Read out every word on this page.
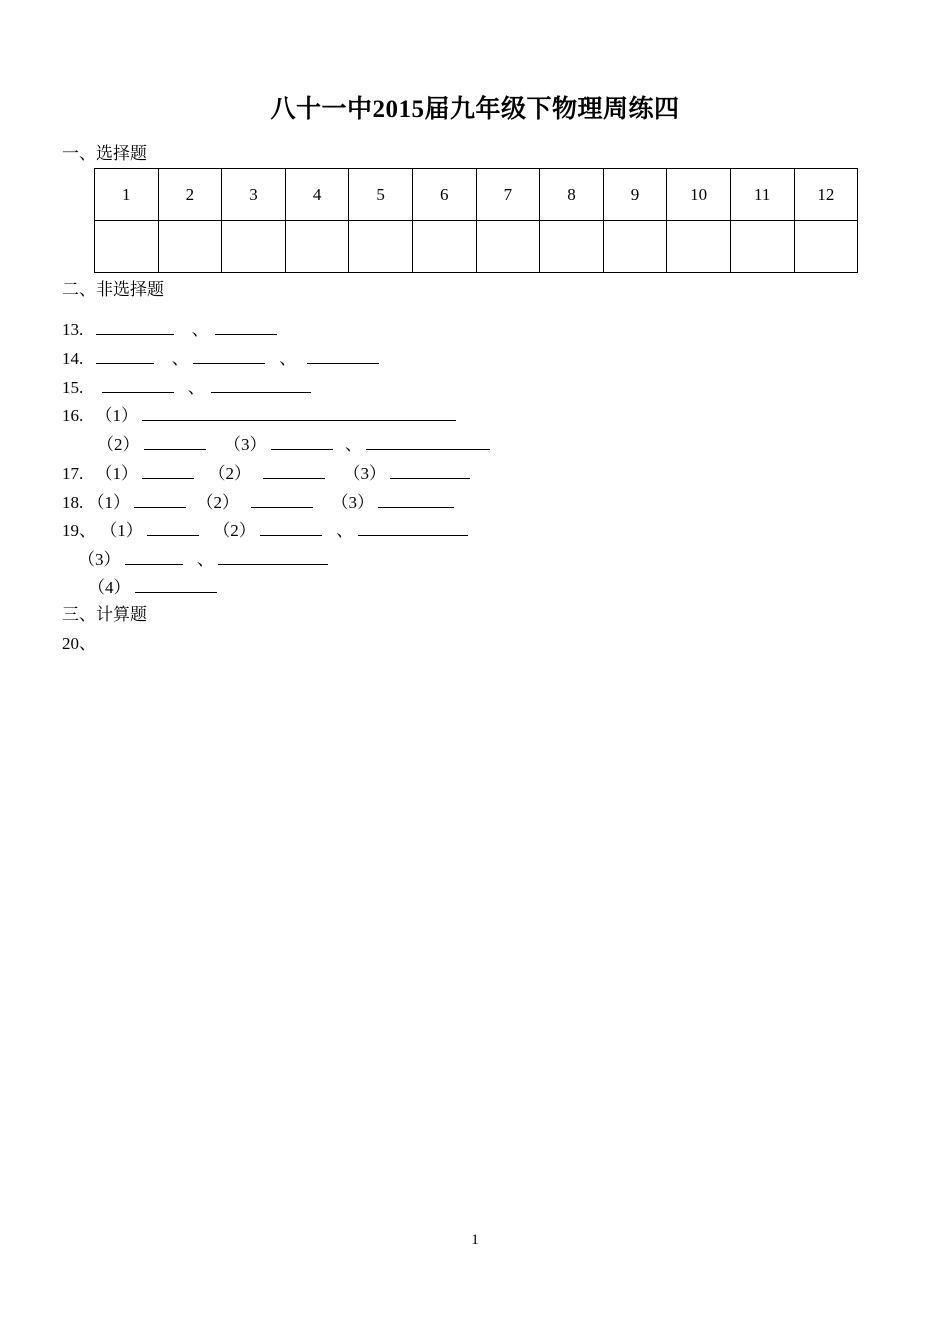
八十一中2015届九年级下物理周练四
一、选择题
1	2	3	4	5	6	7	8	9	10	11	12

二、非选择题
13.	、
14.	、	、
15.	、
16. （1）
（2）	（3）	、
17. （1）	（2）	（3）
18. （1）	（2）	（3）
19、 （1）	（2）	、
（3）	、
（4）
三、计算题
20、
1
